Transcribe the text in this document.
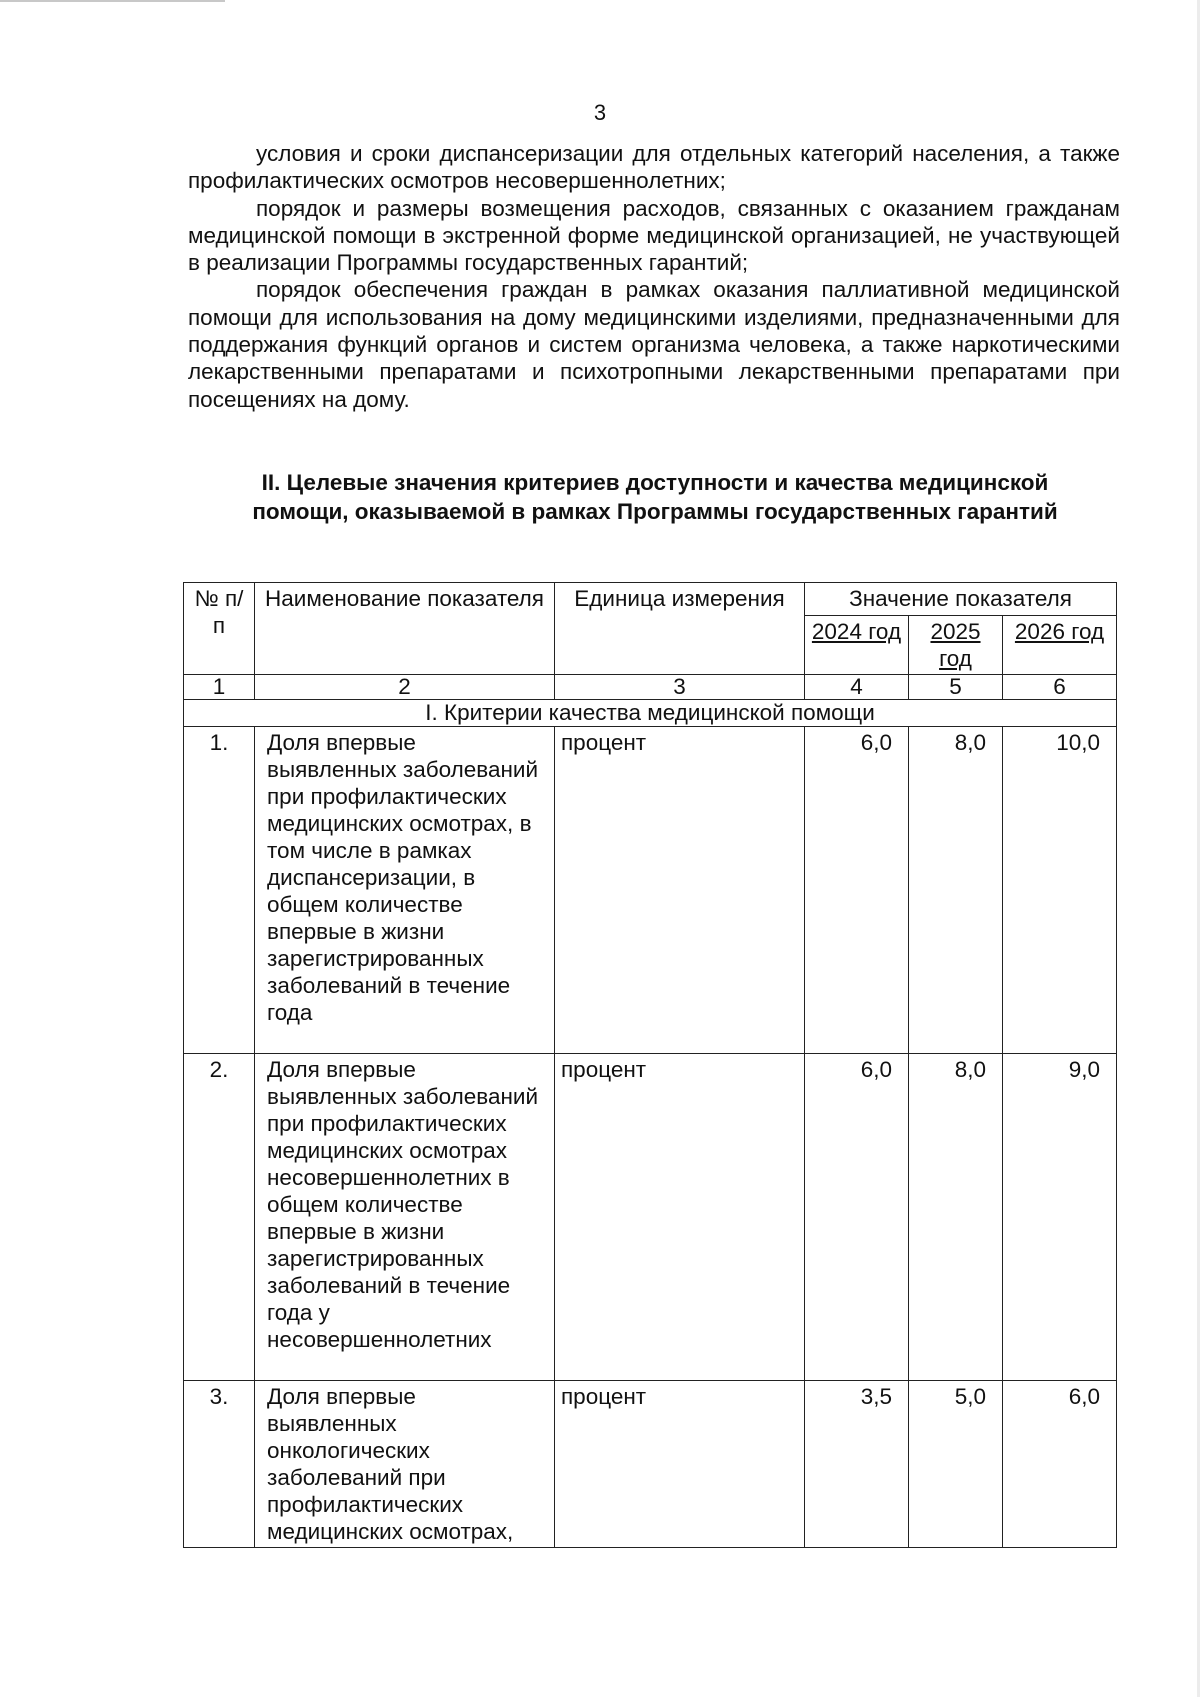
3

условия и сроки диспансеризации для отдельных категорий населения, а также профилактических осмотров несовершеннолетних;

порядок и размеры возмещения расходов, связанных с оказанием гражданам медицинской помощи в экстренной форме медицинской организацией, не участвующей в реализации Программы государственных гарантий;

порядок обеспечения граждан в рамках оказания паллиативной медицинской помощи для использования на дому медицинскими изделиями, предназначенными для поддержания функций органов и систем организма человека, а также наркотическими лекарственными препаратами и психотропными лекарственными препаратами при посещениях на дому.

II. Целевые значения критериев доступности и качества медицинской помощи, оказываемой в рамках Программы государственных гарантий
№ п/п	Наименование показателя	Единица измерения	Значение показателя		
			2024 год	2025 год	2026 год
1	2	3	4	5	6
I. Критерии качества медицинской помощи					
1.	Доля впервые выявленных заболеваний при профилактических медицинских осмотрах, в том числе в рамках диспансеризации, в общем количестве впервые в жизни зарегистрированных заболеваний в течение года	процент	6,0	8,0	10,0
2.	Доля впервые выявленных заболеваний при профилактических медицинских осмотрах несовершеннолетних в общем количестве впервые в жизни зарегистрированных заболеваний в течение года у несовершеннолетних	процент	6,0	8,0	9,0
3.	Доля впервые выявленных онкологических заболеваний при профилактических медицинских осмотрах,	процент	3,5	5,0	6,0
